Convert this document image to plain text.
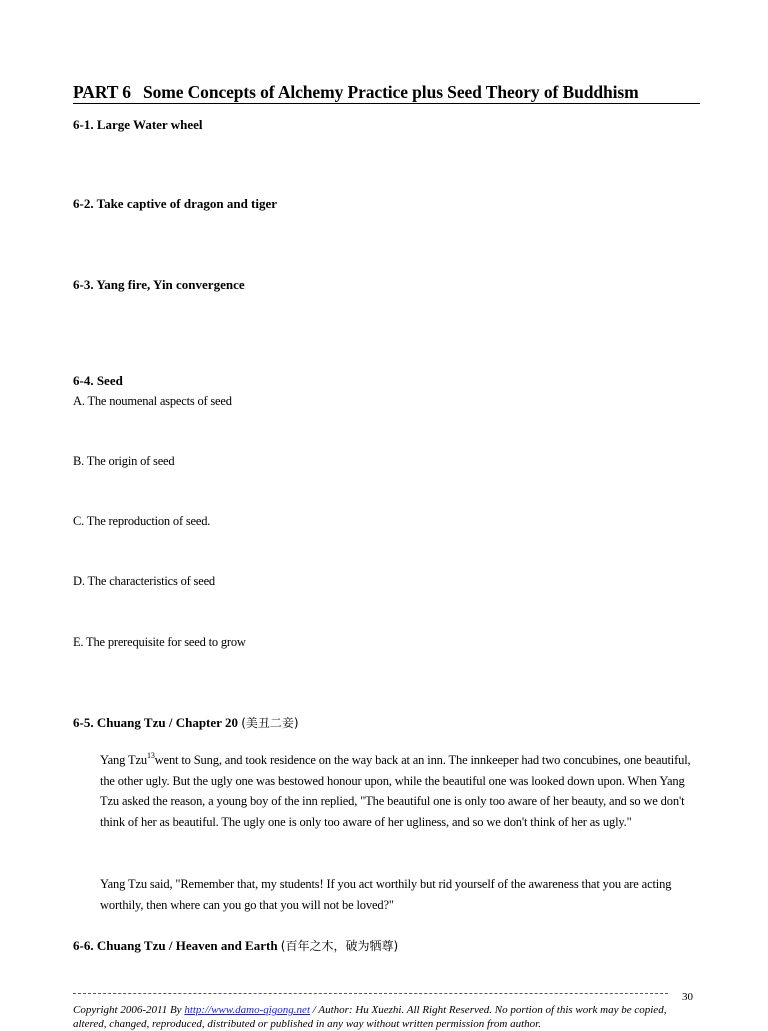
PART 6 Some Concepts of Alchemy Practice plus Seed Theory of Buddhism
6-1. Large Water wheel
6-2. Take captive of dragon and tiger
6-3. Yang fire, Yin convergence
6-4. Seed
A. The noumenal aspects of seed
B. The origin of seed
C. The reproduction of seed.
D. The characteristics of seed
E. The prerequisite for seed to grow
6-5. Chuang Tzu / Chapter 20 (美丑二妾)

Yang Tzu$^{13}$went to Sung, and took residence on the way back at an inn. The innkeeper had two concubines, one beautiful, the other ugly. But the ugly one was bestowed honour upon, while the beautiful one was looked down upon. When Yang Tzu asked the reason, a young boy of the inn replied, "The beautiful one is only too aware of her beauty, and so we don't think of her as beautiful. The ugly one is only too aware of her ugliness, and so we don't think of her as ugly."

Yang Tzu said, "Remember that, my students! If you act worthily but rid yourself of the awareness that you are acting worthily, then where can you go that you will not be loved?"

6-6. Chuang Tzu / Heaven and Earth (百年之木，破为牺尊)
30
Copyright 2006-2011 By http://www.damo-qigong.net / Author: Hu Xuezhi. All Right Reserved. No portion of this work may be copied, altered, changed, reproduced, distributed or published in any way without written permission from author.
